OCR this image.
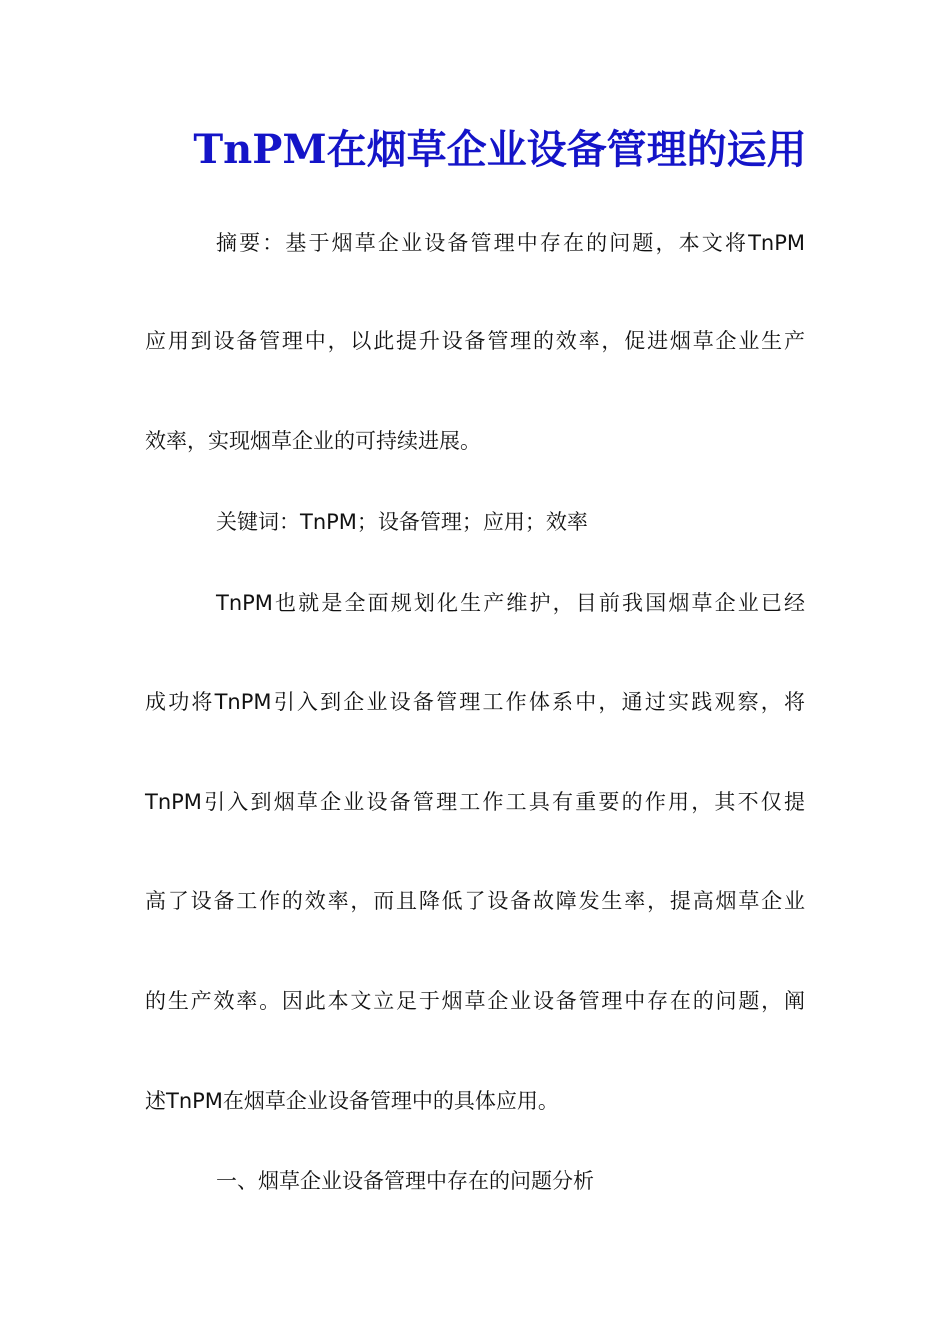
TnPM在烟草企业设备管理的运用

摘要：基于烟草企业设备管理中存在的问题，本文将TnPM

应用到设备管理中，以此提升设备管理的效率，促进烟草企业生产

效率，实现烟草企业的可持续进展。

关键词：TnPM；设备管理；应用；效率

TnPM也就是全面规划化生产维护，目前我国烟草企业已经

成功将TnPM引入到企业设备管理工作体系中，通过实践观察，将

TnPM引入到烟草企业设备管理工作工具有重要的作用，其不仅提

高了设备工作的效率，而且降低了设备故障发生率，提高烟草企业

的生产效率。因此本文立足于烟草企业设备管理中存在的问题，阐

述TnPM在烟草企业设备管理中的具体应用。

一、烟草企业设备管理中存在的问题分析
